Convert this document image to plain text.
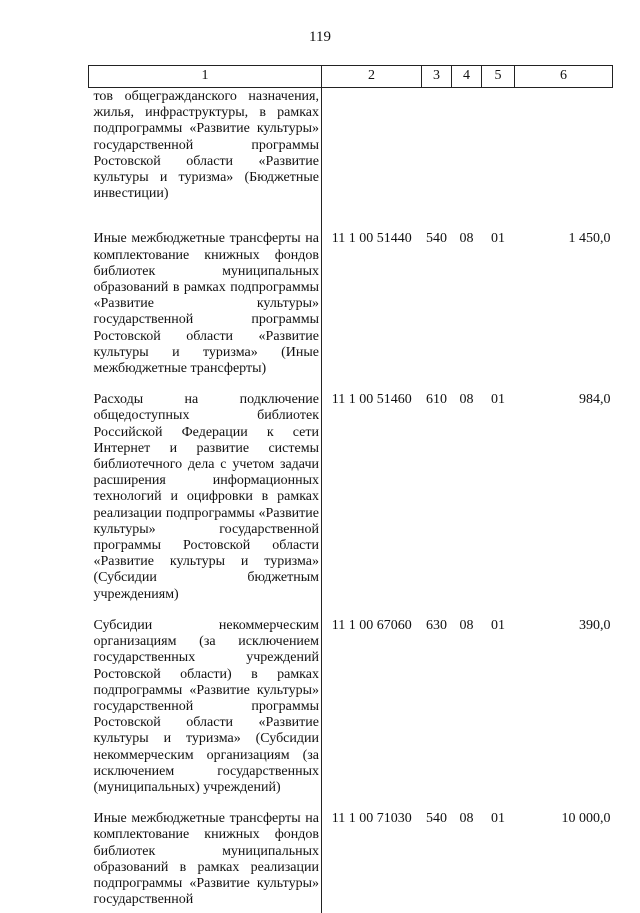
119
1	2	3	4	5	6
тов общегражданского назначения, жилья, инфраструктуры, в рамках подпрограммы «Развитие культуры» государственной программы Ростовской области «Развитие культуры и туризма» (Бюджетные инвестиции)					
Иные межбюджетные трансферты на комплектование книжных фондов библиотек муниципальных образований в рамках подпрограммы «Развитие культуры» государственной программы Ростовской области «Развитие культуры и туризма» (Иные межбюджетные трансферты)	11 1 00 51440	540	08	01	1 450,0
Расходы на подключение общедоступных библиотек Российской Федерации к сети Интернет и развитие системы библиотечного дела с учетом задачи расширения информационных технологий и оцифровки в рамках реализации подпрограммы «Развитие культуры» государственной программы Ростовской области «Развитие культуры и туризма» (Субсидии бюджетным учреждениям)	11 1 00 51460	610	08	01	984,0
Субсидии некоммерческим организациям (за исключением государственных учреждений Ростовской области) в рамках подпрограммы «Развитие культуры» государственной программы Ростовской области «Развитие культуры и туризма» (Субсидии некоммерческим организациям (за исключением государственных (муниципальных) учреждений)	11 1 00 67060	630	08	01	390,0
Иные межбюджетные трансферты на комплектование книжных фондов библиотек муниципальных образований в рамках реализации подпрограммы «Развитие культуры» государственной	11 1 00 71030	540	08	01	10 000,0
